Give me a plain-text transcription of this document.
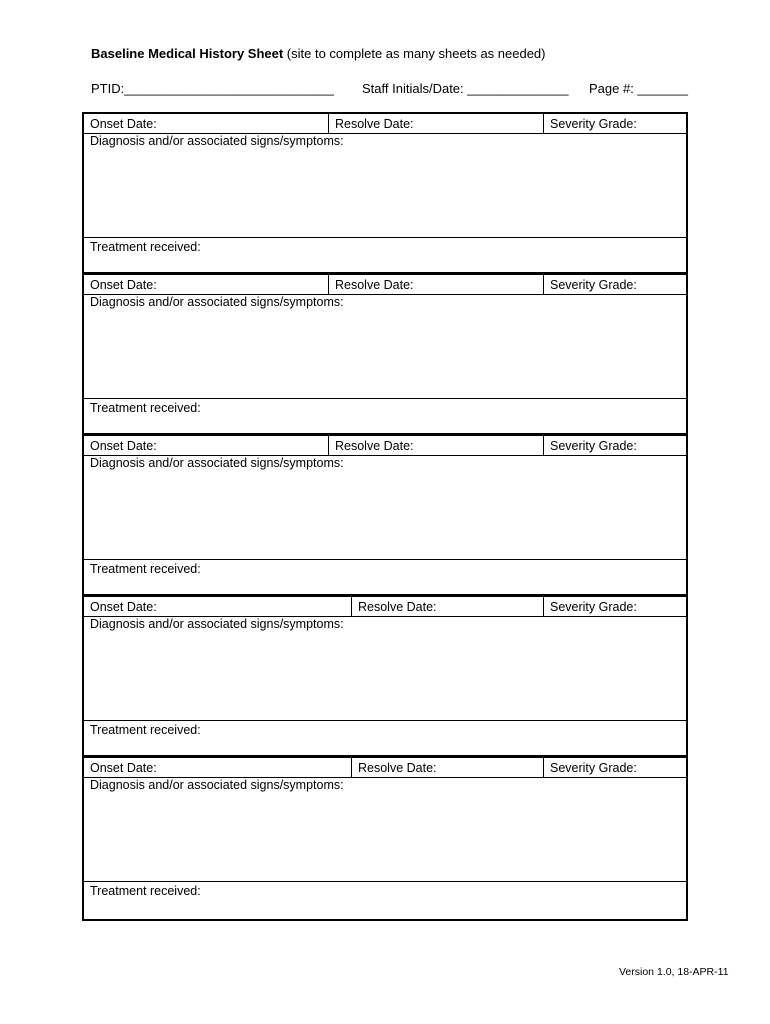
Baseline Medical History Sheet (site to complete as many sheets as needed)
PTID:_____________________________ Staff Initials/Date: ______________ Page #: _______
Onset Date:	Resolve Date:	Severity Grade:
Diagnosis and/or associated signs/symptoms:
Treatment received:
Onset Date:	Resolve Date:	Severity Grade:
Diagnosis and/or associated signs/symptoms:
Treatment received:
Onset Date:	Resolve Date:	Severity Grade:
Diagnosis and/or associated signs/symptoms:
Treatment received:
Onset Date:	Resolve Date:	Severity Grade:
Diagnosis and/or associated signs/symptoms:
Treatment received:
Onset Date:	Resolve Date:	Severity Grade:
Diagnosis and/or associated signs/symptoms:
Treatment received:
Version 1.0, 18-APR-11
